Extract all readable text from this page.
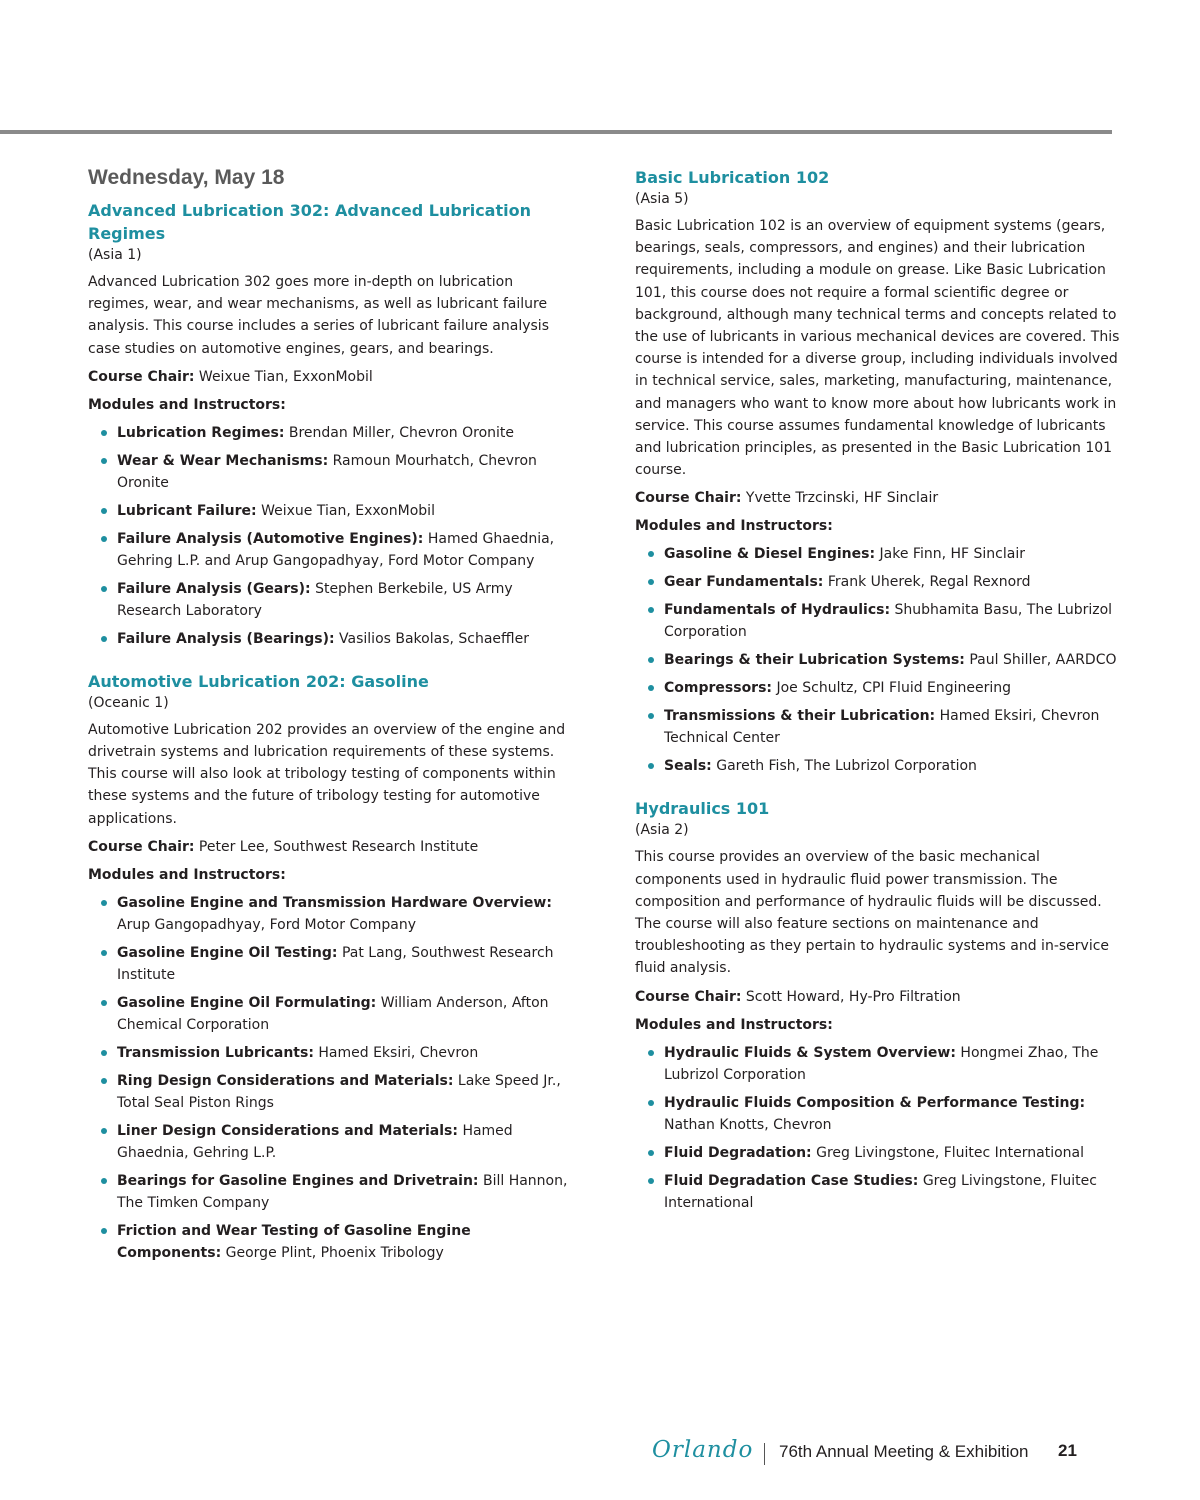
Wednesday, May 18
Advanced Lubrication 302: Advanced Lubrication Regimes
(Asia 1)
Advanced Lubrication 302 goes more in-depth on lubrication regimes, wear, and wear mechanisms, as well as lubricant failure analysis. This course includes a series of lubricant failure analysis case studies on automotive engines, gears, and bearings.
Course Chair: Weixue Tian, ExxonMobil
Modules and Instructors:
Lubrication Regimes: Brendan Miller, Chevron Oronite
Wear & Wear Mechanisms: Ramoun Mourhatch, Chevron Oronite
Lubricant Failure: Weixue Tian, ExxonMobil
Failure Analysis (Automotive Engines): Hamed Ghaednia, Gehring L.P. and Arup Gangopadhyay, Ford Motor Company
Failure Analysis (Gears): Stephen Berkebile, US Army Research Laboratory
Failure Analysis (Bearings): Vasilios Bakolas, Schaeffler
Automotive Lubrication 202: Gasoline
(Oceanic 1)
Automotive Lubrication 202 provides an overview of the engine and drivetrain systems and lubrication requirements of these systems. This course will also look at tribology testing of components within these systems and the future of tribology testing for automotive applications.
Course Chair: Peter Lee, Southwest Research Institute
Modules and Instructors:
Gasoline Engine and Transmission Hardware Overview: Arup Gangopadhyay, Ford Motor Company
Gasoline Engine Oil Testing: Pat Lang, Southwest Research Institute
Gasoline Engine Oil Formulating: William Anderson, Afton Chemical Corporation
Transmission Lubricants: Hamed Eksiri, Chevron
Ring Design Considerations and Materials: Lake Speed Jr., Total Seal Piston Rings
Liner Design Considerations and Materials: Hamed Ghaednia, Gehring L.P.
Bearings for Gasoline Engines and Drivetrain: Bill Hannon, The Timken Company
Friction and Wear Testing of Gasoline Engine Components: George Plint, Phoenix Tribology
Basic Lubrication 102
(Asia 5)
Basic Lubrication 102 is an overview of equipment systems (gears, bearings, seals, compressors, and engines) and their lubrication requirements, including a module on grease. Like Basic Lubrication 101, this course does not require a formal scientific degree or background, although many technical terms and concepts related to the use of lubricants in various mechanical devices are covered. This course is intended for a diverse group, including individuals involved in technical service, sales, marketing, manufacturing, maintenance, and managers who want to know more about how lubricants work in service. This course assumes fundamental knowledge of lubricants and lubrication principles, as presented in the Basic Lubrication 101 course.
Course Chair: Yvette Trzcinski, HF Sinclair
Modules and Instructors:
Gasoline & Diesel Engines: Jake Finn, HF Sinclair
Gear Fundamentals: Frank Uherek, Regal Rexnord
Fundamentals of Hydraulics: Shubhamita Basu, The Lubrizol Corporation
Bearings & their Lubrication Systems: Paul Shiller, AARDCO
Compressors: Joe Schultz, CPI Fluid Engineering
Transmissions & their Lubrication: Hamed Eksiri, Chevron Technical Center
Seals: Gareth Fish, The Lubrizol Corporation
Hydraulics 101
(Asia 2)
This course provides an overview of the basic mechanical components used in hydraulic fluid power transmission. The composition and performance of hydraulic fluids will be discussed. The course will also feature sections on maintenance and troubleshooting as they pertain to hydraulic systems and in-service fluid analysis.
Course Chair: Scott Howard, Hy-Pro Filtration
Modules and Instructors:
Hydraulic Fluids & System Overview: Hongmei Zhao, The Lubrizol Corporation
Hydraulic Fluids Composition & Performance Testing: Nathan Knotts, Chevron
Fluid Degradation: Greg Livingstone, Fluitec International
Fluid Degradation Case Studies: Greg Livingstone, Fluitec International
Orlando 76th Annual Meeting & Exhibition 21
